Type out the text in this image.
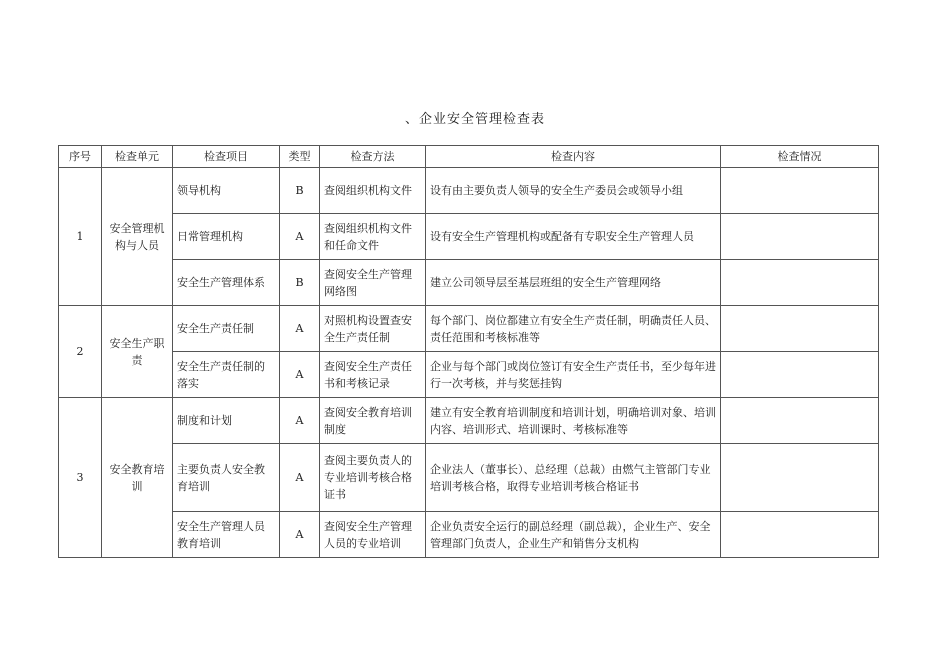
、企业安全管理检查表
序号	检查单元	检查项目	类型	检查方法	检查内容	检查情况
1	安全管理机构与人员	领导机构	B	查阅组织机构文件	设有由主要负责人领导的安全生产委员会或领导小组	
		日常管理机构	A	查阅组织机构文件和任命文件	设有安全生产管理机构或配备有专职安全生产管理人员	
		安全生产管理体系	B	查阅安全生产管理网络图	建立公司领导层至基层班组的安全生产管理网络	
2	安全生产职责	安全生产责任制	A	对照机构设置查安全生产责任制	每个部门、岗位都建立有安全生产责任制，明确责任人员、责任范围和考核标准等	
		安全生产责任制的落实	A	查阅安全生产责任书和考核记录	企业与每个部门或岗位签订有安全生产责任书，至少每年进行一次考核，并与奖惩挂钩	
3	安全教育培训	制度和计划	A	查阅安全教育培训制度	建立有安全教育培训制度和培训计划，明确培训对象、培训内容、培训形式、培训课时、考核标准等	
		主要负责人安全教育培训	A	查阅主要负责人的专业培训考核合格证书	企业法人（董事长）、总经理（总裁）由燃气主管部门专业培训考核合格，取得专业培训考核合格证书	
		安全生产管理人员教育培训	A	查阅安全生产管理人员的专业培训	企业负责安全运行的副总经理（副总裁），企业生产、安全管理部门负责人，企业生产和销售分支机构	
